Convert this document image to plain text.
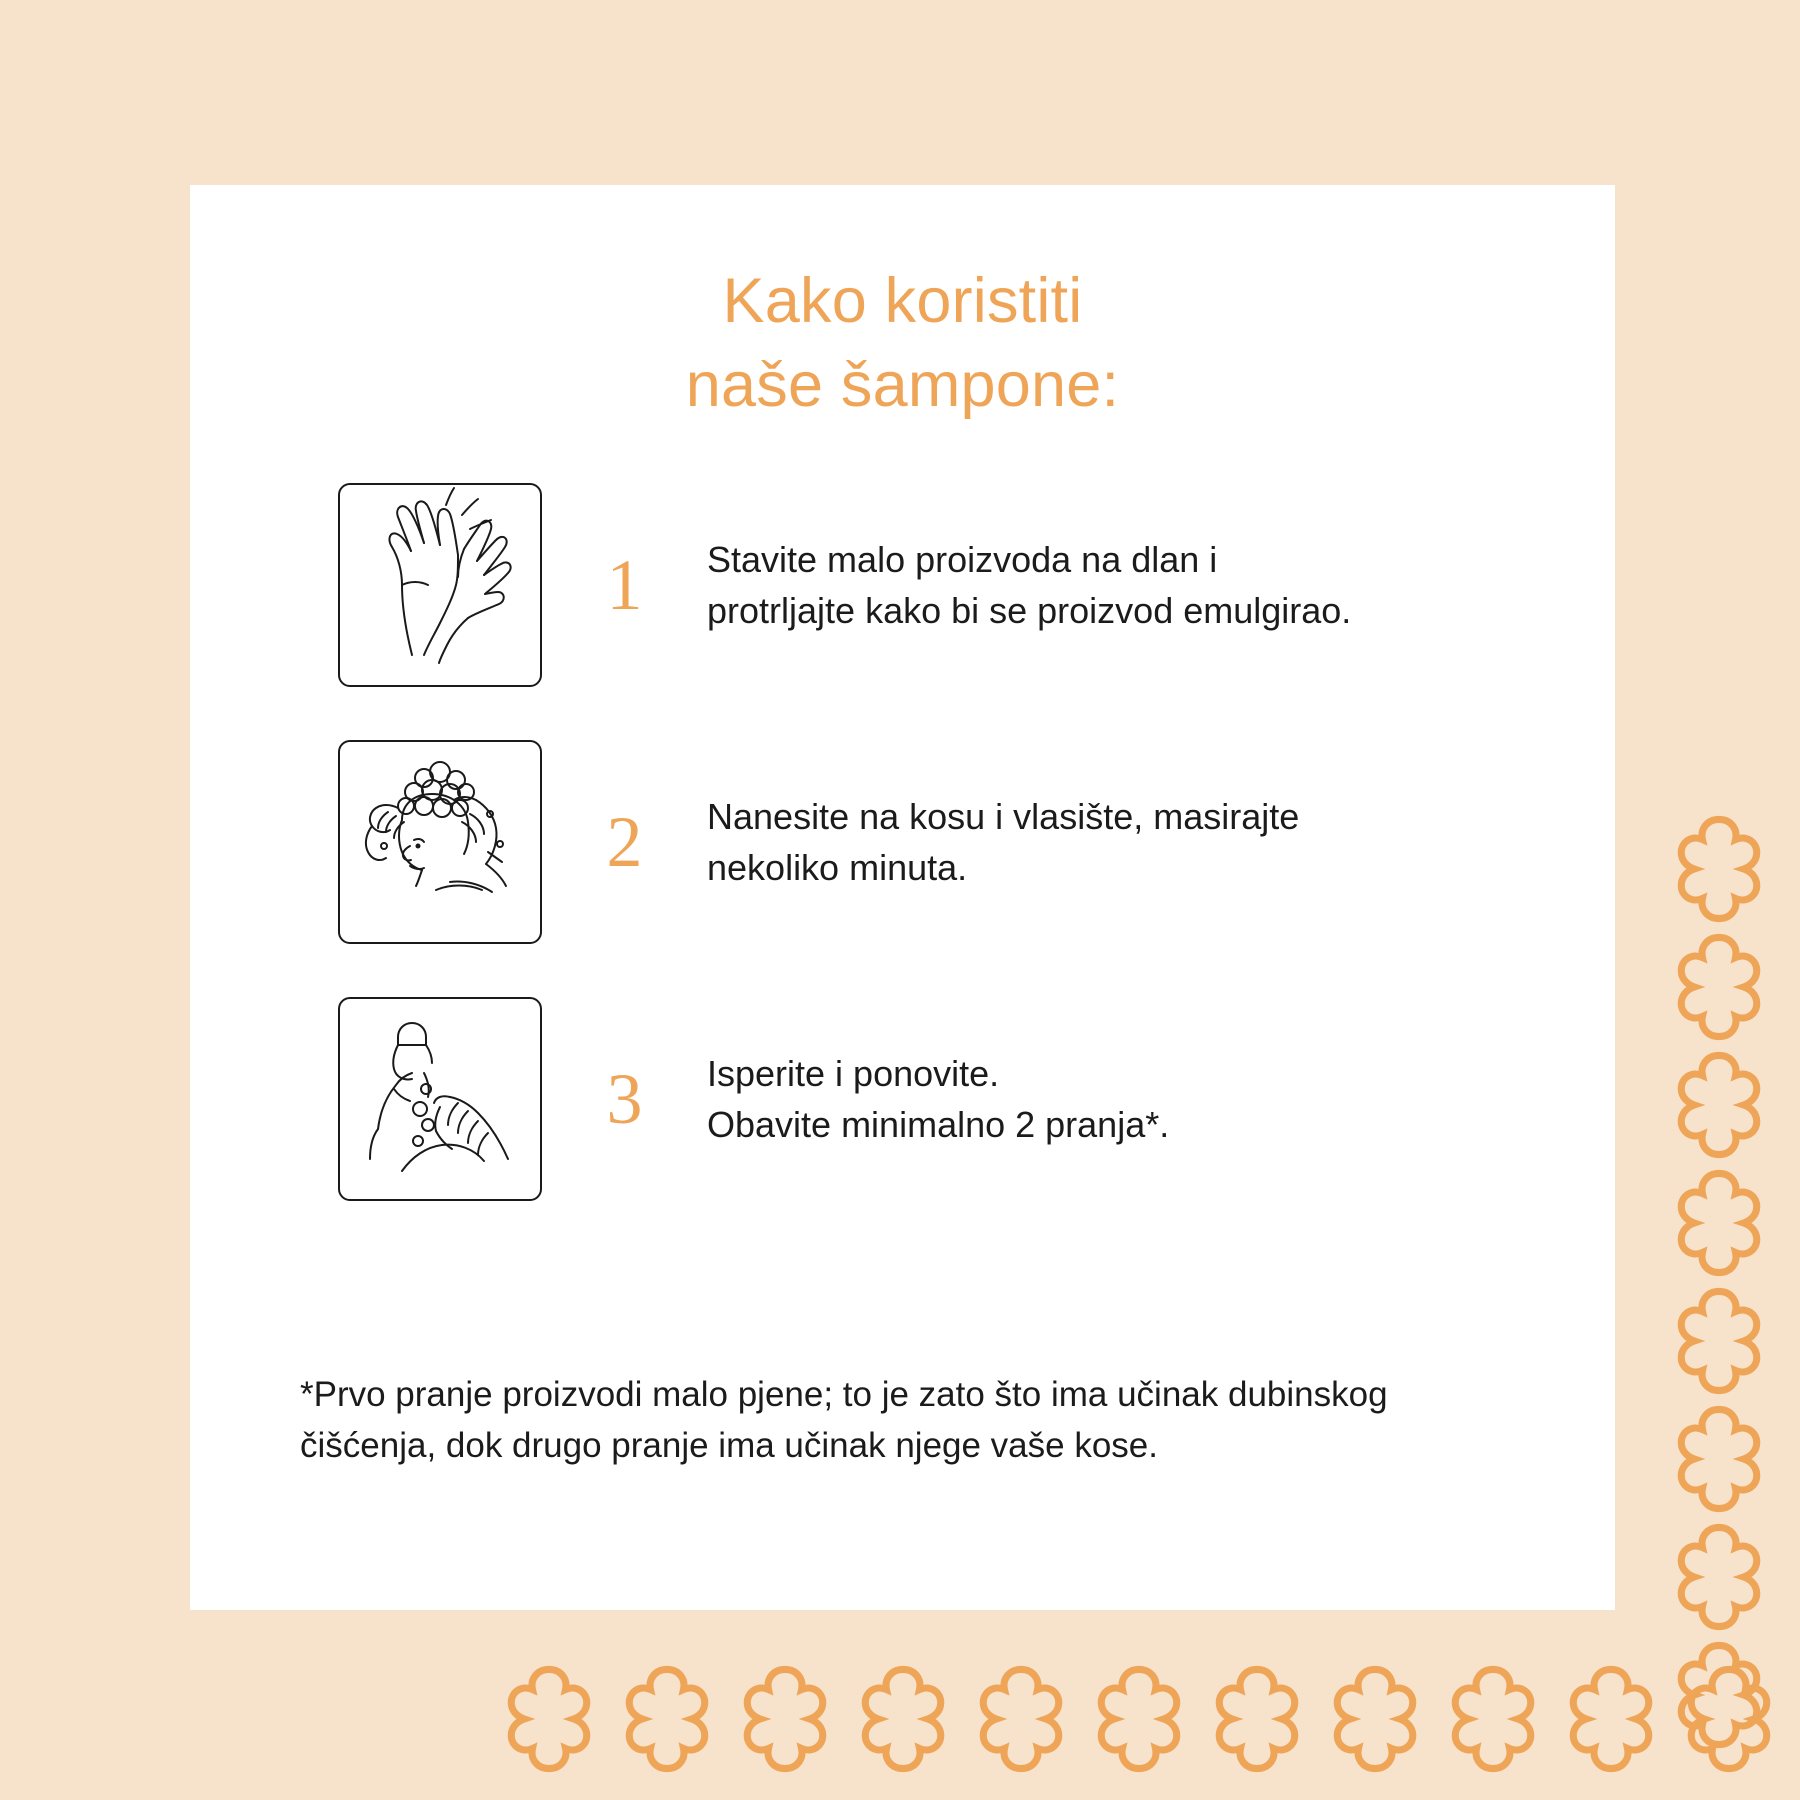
Kako koristiti
naše šampone:
1	Stavite malo proizvoda na dlan i
protrljajte kako bi se proizvod emulgirao.
2	Nanesite na kosu i vlasište, masirajte
nekoliko minuta.
3	Isperite i ponovite.
Obavite minimalno 2 pranja*.
*Prvo pranje proizvodi malo pjene; to je zato što ima učinak dubinskog
čišćenja, dok drugo pranje ima učinak njege vaše kose.
